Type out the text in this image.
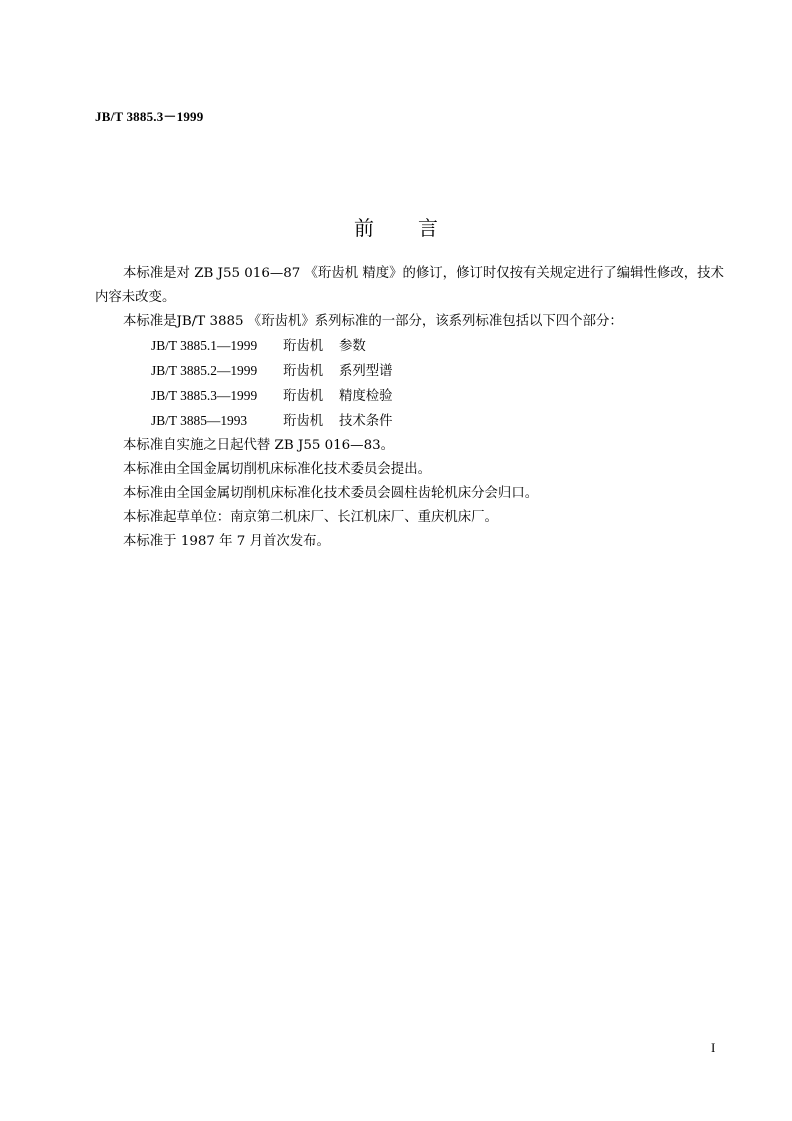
JB/T 3885.3－1999
前言

本标准是对 ZB J55 016—87 《珩齿机 精度》的修订，修订时仅按有关规定进行了编辑性修改，技术内容未改变。

本标准是JB/T 3885 《珩齿机》系列标准的一部分，该系列标准包括以下四个部分：

JB/T 3885.1—1999 珩齿机 参数

JB/T 3885.2—1999 珩齿机 系列型谱

JB/T 3885.3—1999 珩齿机 精度检验

JB/T 3885—1993	珩齿机 技术条件

本标准自实施之日起代替 ZB J55 016—83。

本标准由全国金属切削机床标准化技术委员会提出。

本标准由全国金属切削机床标准化技术委员会圆柱齿轮机床分会归口。

本标准起草单位：南京第二机床厂、长江机床厂、重庆机床厂。

本标准于 1987 年 7 月首次发布。

I
